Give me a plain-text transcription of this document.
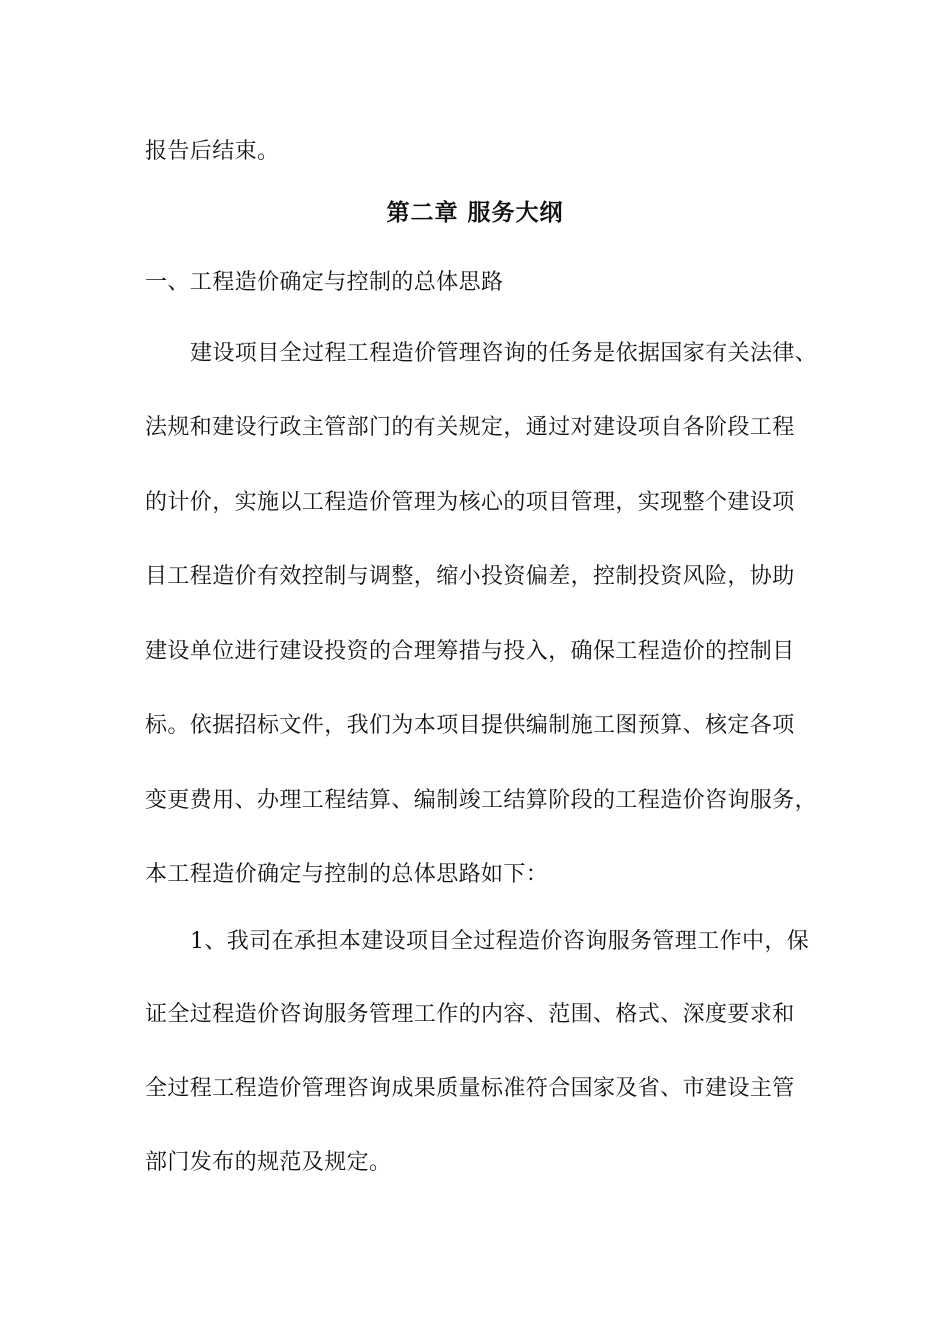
报告后结束。
第二章 服务大纲
一、工程造价确定与控制的总体思路
建设项目全过程工程造价管理咨询的任务是依据国家有关法律、
法规和建设行政主管部门的有关规定，通过对建设项自各阶段工程
的计价，实施以工程造价管理为核心的项目管理，实现整个建设项
目工程造价有效控制与调整，缩小投资偏差，控制投资风险，协助
建设单位进行建设投资的合理筹措与投入，确保工程造价的控制目
标。依据招标文件，我们为本项目提供编制施工图预算、核定各项
变更费用、办理工程结算、编制竣工结算阶段的工程造价咨询服务，
本工程造价确定与控制的总体思路如下：
1、我司在承担本建设项目全过程造价咨询服务管理工作中，保
证全过程造价咨询服务管理工作的内容、范围、格式、深度要求和
全过程工程造价管理咨询成果质量标准符合国家及省、市建设主管
部门发布的规范及规定。
